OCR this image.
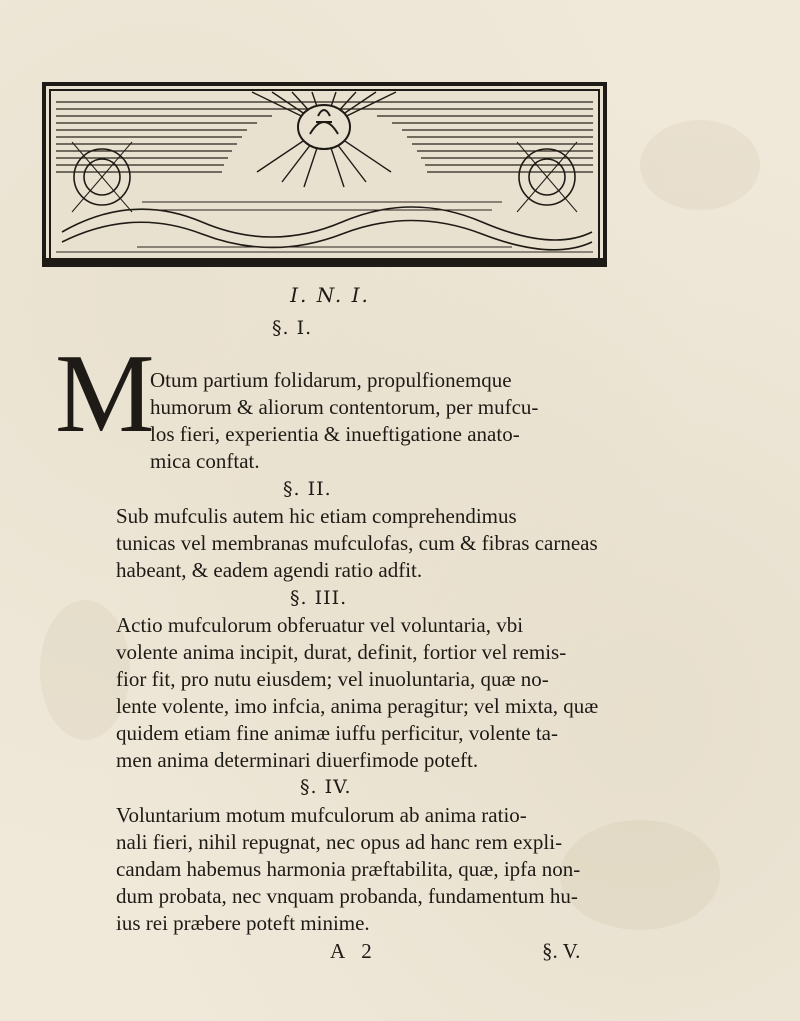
I. N. I.
§. I.
M
Otum partium folidarum, propulfionemque
humorum & aliorum contentorum, per mufcu-
los fieri, experientia & inueftigatione anato-
mica conftat.
§. II.
Sub mufculis autem hic etiam comprehendimus
tunicas vel membranas mufculofas, cum & fibras carneas
habeant, & eadem agendi ratio adfit.
§. III.
Actio mufculorum obferuatur vel voluntaria, vbi
volente anima incipit, durat, definit, fortior vel remis-
fior fit, pro nutu eiusdem; vel inuoluntaria, quæ no-
lente volente, imo infcia, anima peragitur; vel mixta, quæ
quidem etiam fine animæ iuffu perficitur, volente ta-
men anima determinari diuerfimode poteft.
§. IV.
Voluntarium motum mufculorum ab anima ratio-
nali fieri, nihil repugnat, nec opus ad hanc rem expli-
candam habemus harmonia præftabilita, quæ, ipfa non-
dum probata, nec vnquam probanda, fundamentum hu-
ius rei præbere poteft minime.
A 2	§. V.
